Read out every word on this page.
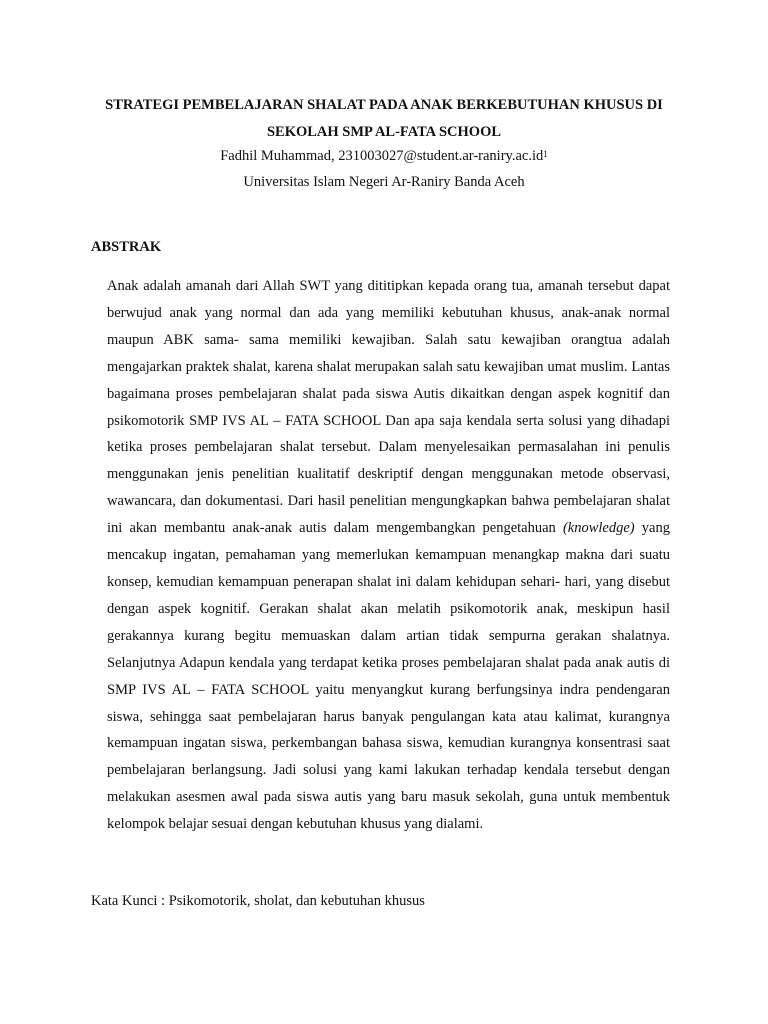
STRATEGI PEMBELAJARAN SHALAT PADA ANAK BERKEBUTUHAN KHUSUS DI
SEKOLAH SMP AL-FATA SCHOOL
Fadhil Muhammad, $231003027@student.ar-raniry.ac.id^1$
Universitas Islam Negeri Ar-Raniry Banda Aceh
ABSTRAK

Anak adalah amanah dari Allah SWT yang dititipkan kepada orang tua, amanah tersebut dapat berwujud anak yang normal dan ada yang memiliki kebutuhan khusus, anak-anak normal maupun ABK sama- sama memiliki kewajiban. Salah satu kewajiban orangtua adalah mengajarkan praktek shalat, karena shalat merupakan salah satu kewajiban umat muslim. Lantas bagaimana proses pembelajaran shalat pada siswa Autis dikaitkan dengan aspek kognitif dan psikomotorik SMP IVS AL – FATA SCHOOL Dan apa saja kendala serta solusi yang dihadapi ketika proses pembelajaran shalat tersebut. Dalam menyelesaikan permasalahan ini penulis menggunakan jenis penelitian kualitatif deskriptif dengan menggunakan metode observasi, wawancara, dan dokumentasi. Dari hasil penelitian mengungkapkan bahwa pembelajaran shalat ini akan membantu anak-anak autis dalam mengembangkan pengetahuan (knowledge) yang mencakup ingatan, pemahaman yang memerlukan kemampuan menangkap makna dari suatu konsep, kemudian kemampuan penerapan shalat ini dalam kehidupan sehari- hari, yang disebut dengan aspek kognitif. Gerakan shalat akan melatih psikomotorik anak, meskipun hasil gerakannya kurang begitu memuaskan dalam artian tidak sempurna gerakan shalatnya. Selanjutnya Adapun kendala yang terdapat ketika proses pembelajaran shalat pada anak autis di SMP IVS AL – FATA SCHOOL yaitu menyangkut kurang berfungsinya indra pendengaran siswa, sehingga saat pembelajaran harus banyak pengulangan kata atau kalimat, kurangnya kemampuan ingatan siswa, perkembangan bahasa siswa, kemudian kurangnya konsentrasi saat pembelajaran berlangsung. Jadi solusi yang kami lakukan terhadap kendala tersebut dengan melakukan asesmen awal pada siswa autis yang baru masuk sekolah, guna untuk membentuk kelompok belajar sesuai dengan kebutuhan khusus yang dialami.

Kata Kunci : Psikomotorik, sholat, dan kebutuhan khusus
